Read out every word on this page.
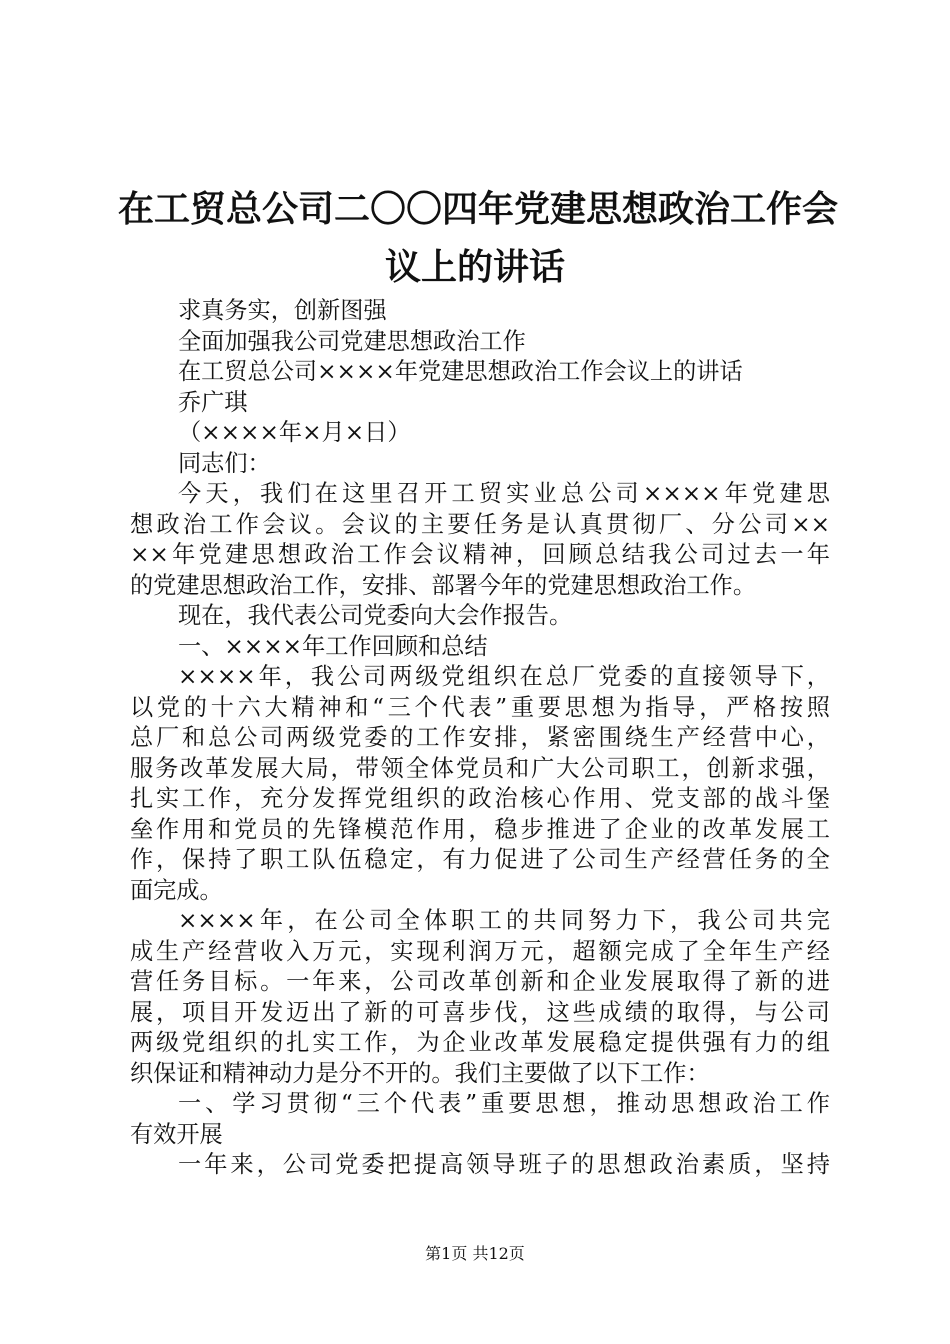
在工贸总公司二〇〇四年党建思想政治工作会
议上的讲话
求真务实，创新图强
全面加强我公司党建思想政治工作
在工贸总公司××××年党建思想政治工作会议上的讲话
乔广琪
（××××年×月×日）
同志们：
今天，我们在这里召开工贸实业总公司××××年党建思
想政治工作会议。会议的主要任务是认真贯彻厂、分公司××
××年党建思想政治工作会议精神，回顾总结我公司过去一年
的党建思想政治工作，安排、部署今年的党建思想政治工作。
现在，我代表公司党委向大会作报告。
一、××××年工作回顾和总结
××××年，我公司两级党组织在总厂党委的直接领导下，
以党的十六大精神和“三个代表”重要思想为指导，严格按照
总厂和总公司两级党委的工作安排，紧密围绕生产经营中心，
服务改革发展大局，带领全体党员和广大公司职工，创新求强，
扎实工作，充分发挥党组织的政治核心作用、党支部的战斗堡
垒作用和党员的先锋模范作用，稳步推进了企业的改革发展工
作，保持了职工队伍稳定，有力促进了公司生产经营任务的全
面完成。
××××年，在公司全体职工的共同努力下，我公司共完
成生产经营收入万元，实现利润万元，超额完成了全年生产经
营任务目标。一年来，公司改革创新和企业发展取得了新的进
展，项目开发迈出了新的可喜步伐，这些成绩的取得，与公司
两级党组织的扎实工作，为企业改革发展稳定提供强有力的组
织保证和精神动力是分不开的。我们主要做了以下工作：
一、学习贯彻“三个代表”重要思想，推动思想政治工作
有效开展
一年来，公司党委把提高领导班子的思想政治素质，坚持
第1页 共12页
